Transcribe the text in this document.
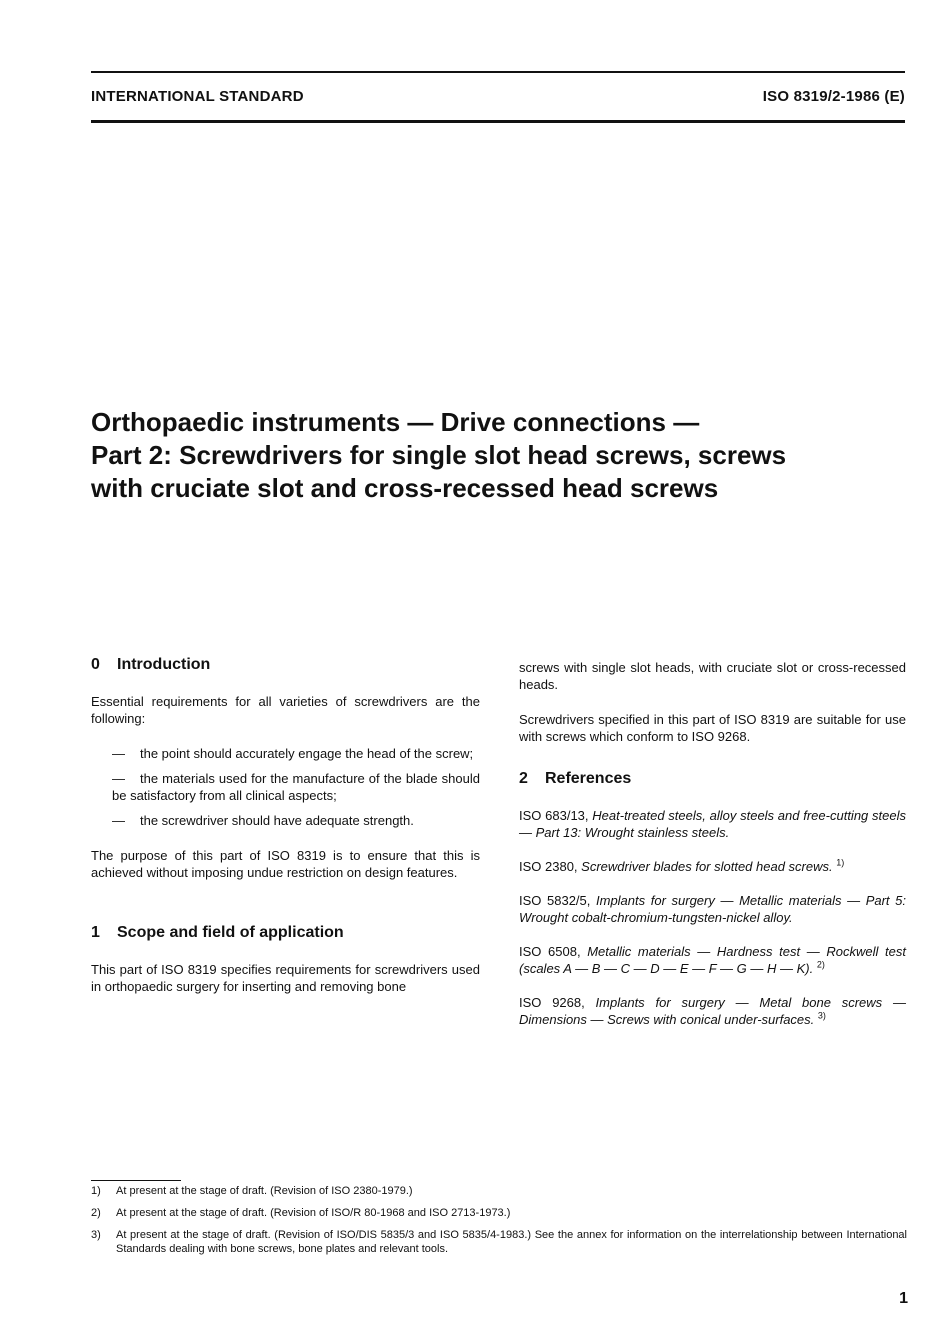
INTERNATIONAL STANDARD	ISO 8319/2-1986 (E)
Orthopaedic instruments — Drive connections —
Part 2: Screwdrivers for single slot head screws, screws
with cruciate slot and cross-recessed head screws
0 Introduction

Essential requirements for all varieties of screwdrivers are the following:

— the point should accurately engage the head of the screw;
— the materials used for the manufacture of the blade should be satisfactory from all clinical aspects;
— the screwdriver should have adequate strength.

The purpose of this part of ISO 8319 is to ensure that this is achieved without imposing undue restriction on design features.

1 Scope and field of application

This part of ISO 8319 specifies requirements for screwdrivers used in orthopaedic surgery for inserting and removing bone

screws with single slot heads, with cruciate slot or cross-recessed heads.

Screwdrivers specified in this part of ISO 8319 are suitable for use with screws which conform to ISO 9268.

2 References
ISO 683/13, Heat-treated steels, alloy steels and free-cutting steels — Part 13: Wrought stainless steels.
ISO 2380, Screwdriver blades for slotted head screws. $^{1)}$
ISO 5832/5, Implants for surgery — Metallic materials — Part 5: Wrought cobalt-chromium-tungsten-nickel alloy.
ISO 6508, Metallic materials — Hardness test — Rockwell test (scales A — B — C — D — E — F — G — H — K). $^{2)}$
ISO 9268, Implants for surgery — Metal bone screws — Dimensions — Screws with conical under-surfaces. $^{3)}$
1)	At present at the stage of draft. (Revision of ISO 2380-1979.)
2)	At present at the stage of draft. (Revision of ISO/R 80-1968 and ISO 2713-1973.)
3)	At present at the stage of draft. (Revision of ISO/DIS 5835/3 and ISO 5835/4-1983.) See the annex for information on the interrelationship between International Standards dealing with bone screws, bone plates and relevant tools.
1
